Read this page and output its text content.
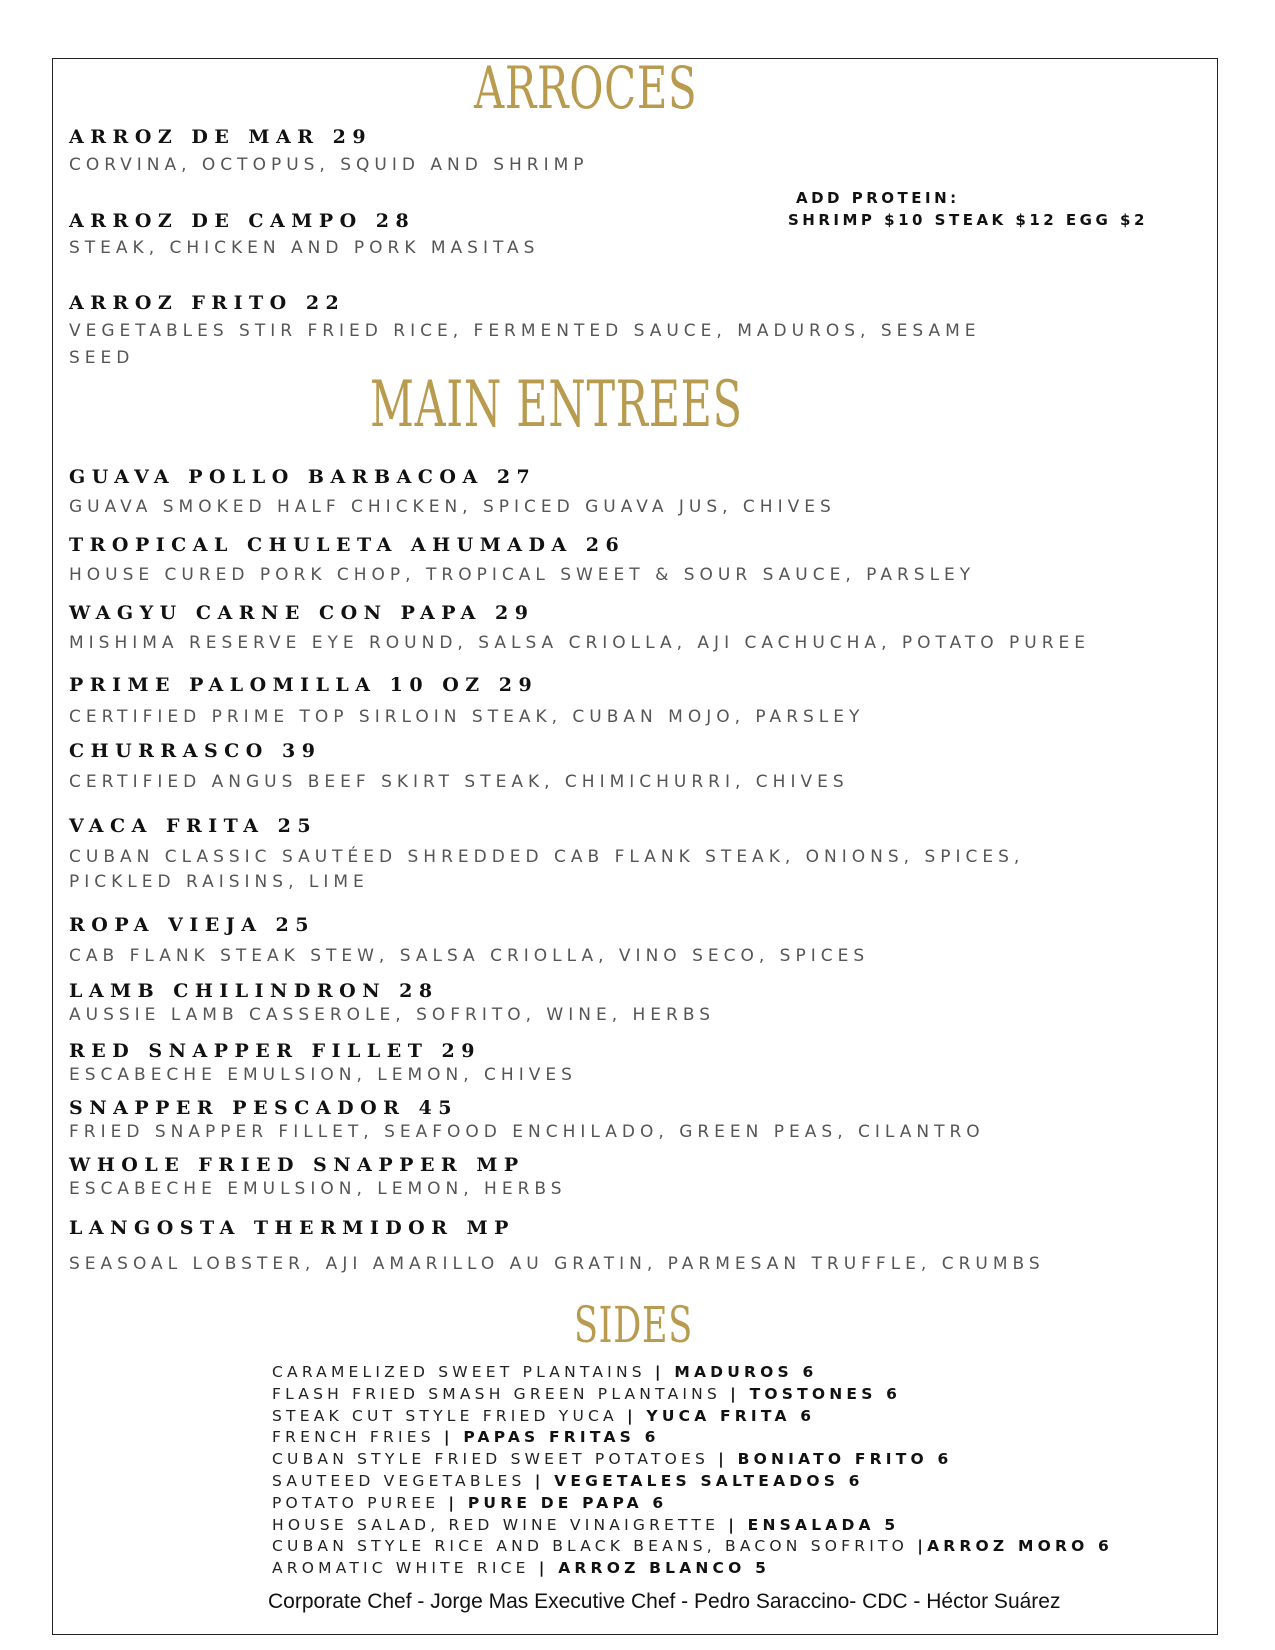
ARROCES
ARROZ DE MAR 29
CORVINA, OCTOPUS, SQUID AND SHRIMP
ARROZ DE CAMPO 28
STEAK, CHICKEN AND PORK MASITAS
ADD PROTEIN:
SHRIMP $10 STEAK $12 EGG $2
ARROZ FRITO 22
VEGETABLES STIR FRIED RICE, FERMENTED SAUCE, MADUROS, SESAME
SEED
MAIN ENTREES
GUAVA POLLO BARBACOA 27
GUAVA SMOKED HALF CHICKEN, SPICED GUAVA JUS, CHIVES
TROPICAL CHULETA AHUMADA 26
HOUSE CURED PORK CHOP, TROPICAL SWEET & SOUR SAUCE, PARSLEY
WAGYU CARNE CON PAPA 29
MISHIMA RESERVE EYE ROUND, SALSA CRIOLLA, AJI CACHUCHA, POTATO PUREE
PRIME PALOMILLA 10 OZ 29
CERTIFIED PRIME TOP SIRLOIN STEAK, CUBAN MOJO, PARSLEY
CHURRASCO 39
CERTIFIED ANGUS BEEF SKIRT STEAK, CHIMICHURRI, CHIVES
VACA FRITA 25
CUBAN CLASSIC SAUTÉED SHREDDED CAB FLANK STEAK, ONIONS, SPICES,
PICKLED RAISINS, LIME
ROPA VIEJA 25
CAB FLANK STEAK STEW, SALSA CRIOLLA, VINO SECO, SPICES
LAMB CHILINDRON 28
AUSSIE LAMB CASSEROLE, SOFRITO, WINE, HERBS
RED SNAPPER FILLET 29
ESCABECHE EMULSION, LEMON, CHIVES
SNAPPER PESCADOR 45
FRIED SNAPPER FILLET, SEAFOOD ENCHILADO, GREEN PEAS, CILANTRO
WHOLE FRIED SNAPPER MP
ESCABECHE EMULSION, LEMON, HERBS
LANGOSTA THERMIDOR MP
SEASOAL LOBSTER, AJI AMARILLO AU GRATIN, PARMESAN TRUFFLE, CRUMBS
SIDES
CARAMELIZED SWEET PLANTAINS | MADUROS 6
FLASH FRIED SMASH GREEN PLANTAINS | TOSTONES 6
STEAK CUT STYLE FRIED YUCA | YUCA FRITA 6
FRENCH FRIES | PAPAS FRITAS 6
CUBAN STYLE FRIED SWEET POTATOES | BONIATO FRITO 6
SAUTEED VEGETABLES | VEGETALES SALTEADOS 6
POTATO PUREE | PURE DE PAPA 6
HOUSE SALAD, RED WINE VINAIGRETTE | ENSALADA 5
CUBAN STYLE RICE AND BLACK BEANS, BACON SOFRITO |ARROZ MORO 6
AROMATIC WHITE RICE | ARROZ BLANCO 5
Corporate Chef - Jorge Mas Executive Chef - Pedro Saraccino- CDC - Héctor Suárez
